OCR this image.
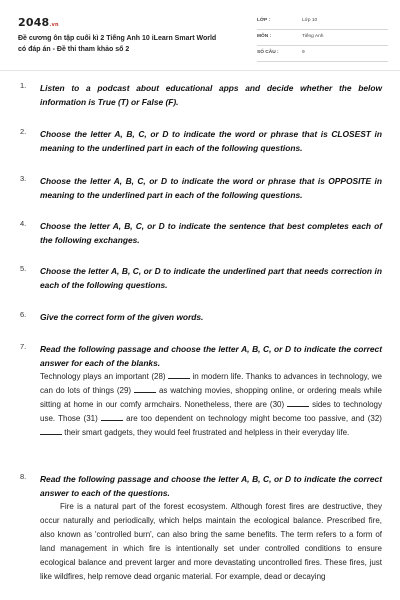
2048.vn
Đề cương ôn tập cuối kì 2 Tiếng Anh 10 iLearn Smart World có đáp án - Đề thi tham khảo số 2
LỚP :	Lớp 10
MÔN :	Tiếng Anh
SỐ CÂU :	9
1. Listen to a podcast about educational apps and decide whether the below information is True (T) or False (F).
2. Choose the letter A, B, C, or D to indicate the word or phrase that is CLOSEST in meaning to the underlined part in each of the following questions.
3. Choose the letter A, B, C, or D to indicate the word or phrase that is OPPOSITE in meaning to the underlined part in each of the following questions.
4. Choose the letter A, B, C, or D to indicate the sentence that best completes each of the following exchanges.
5. Choose the letter A, B, C, or D to indicate the underlined part that needs correction in each of the following questions.
6. Give the correct form of the given words.
7. Read the following passage and choose the letter A, B, C, or D to indicate the correct answer for each of the blanks.
Technology plays an important (28)	in modern life. Thanks to advances in technology, we can do lots of things (29)	as watching movies, shopping online, or ordering meals while sitting at home in our comfy armchairs. Nonetheless, there are (30)	sides to technology use. Those (31)	are too dependent on technology might become too passive, and (32)  their smart gadgets, they would feel frustrated and helpless in their everyday life.
8. Read the following passage and choose the letter A, B, C, or D to indicate the correct answer to each of the questions.
Fire is a natural part of the forest ecosystem. Although forest fires are destructive, they occur naturally and periodically, which helps maintain the ecological balance. Prescribed fire, also known as 'controlled burn', can also bring the same benefits. The term refers to a form of land management in which fire is intentionally set under controlled conditions to ensure ecological balance and prevent larger and more devastating uncontrolled fires. These fires, just like wildfires, help remove dead organic material. For example, dead or decaying
